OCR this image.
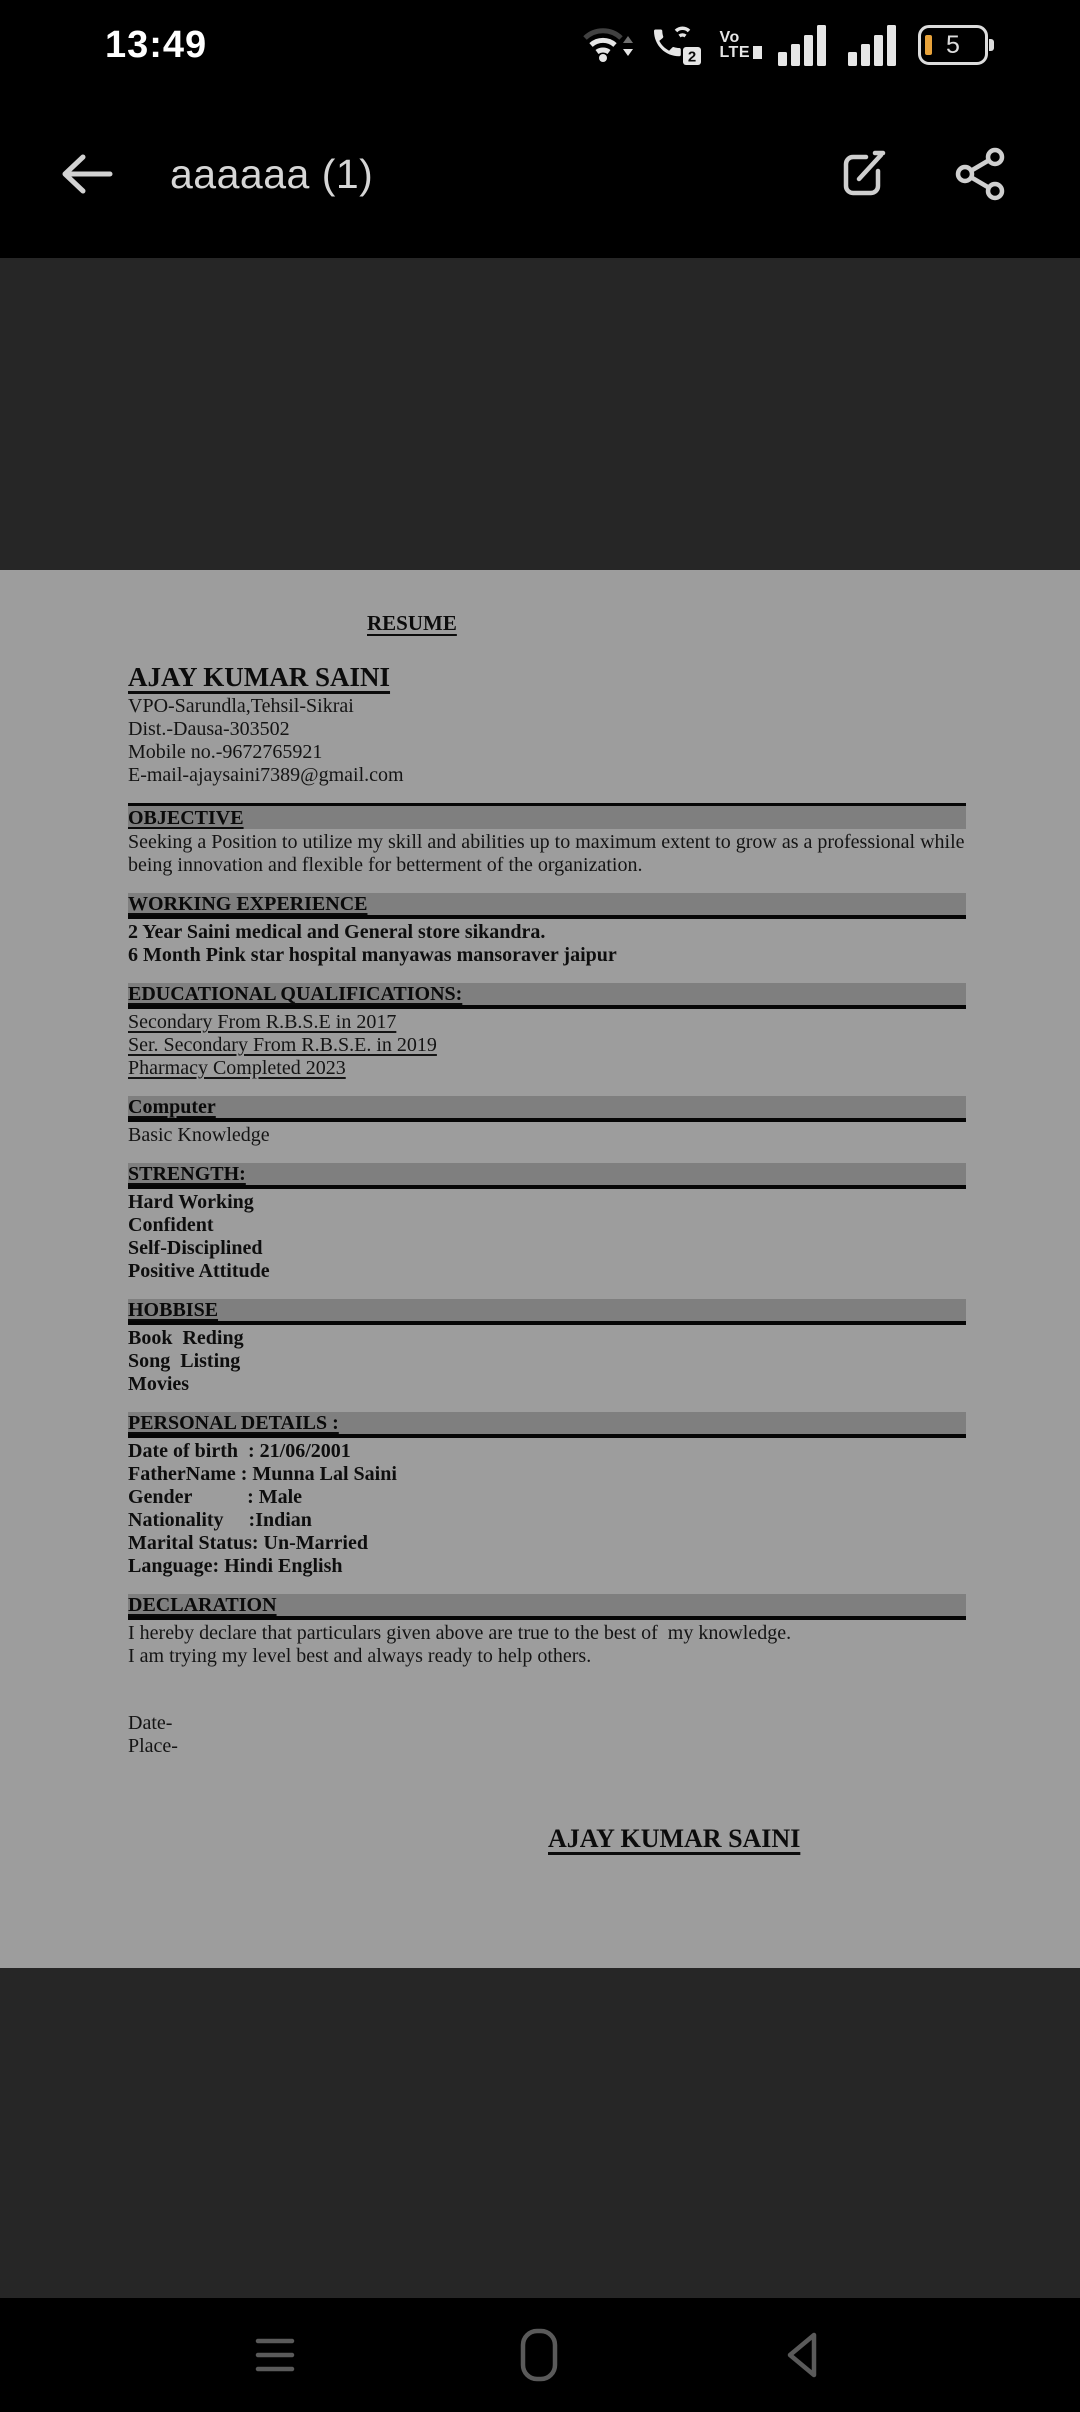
13:49	2
Vo
LTE	5
aaaaaa (1)
RESUME
AJAY KUMAR SAINI
VPO-Sarundla,Tehsil-Sikrai
Dist.-Dausa-303502
Mobile no.-9672765921
E-mail-ajaysaini7389@gmail.com
OBJECTIVE
Seeking a Position to utilize my skill and abilities up to maximum extent to grow as a professional while
being innovation and flexible for betterment of the organization.
WORKING EXPERIENCE
2 Year Saini medical and General store sikandra.
6 Month Pink star hospital manyawas mansoraver jaipur
EDUCATIONAL QUALIFICATIONS:
Secondary From R.B.S.E in 2017
Ser. Secondary From R.B.S.E. in 2019
Pharmacy Completed 2023
Computer
Basic Knowledge
STRENGTH:
Hard Working
Confident
Self-Disciplined
Positive Attitude
HOBBISE
Book  Reding
Song  Listing
Movies
PERSONAL DETAILS :
Date of birth  : 21/06/2001
FatherName : Munna Lal Saini
Gender           : Male
Nationality     :Indian
Marital Status: Un-Married
Language: Hindi English
DECLARATION
I hereby declare that particulars given above are true to the best of  my knowledge.
I am trying my level best and always ready to help others.
Date-
Place-
AJAY KUMAR SAINI
